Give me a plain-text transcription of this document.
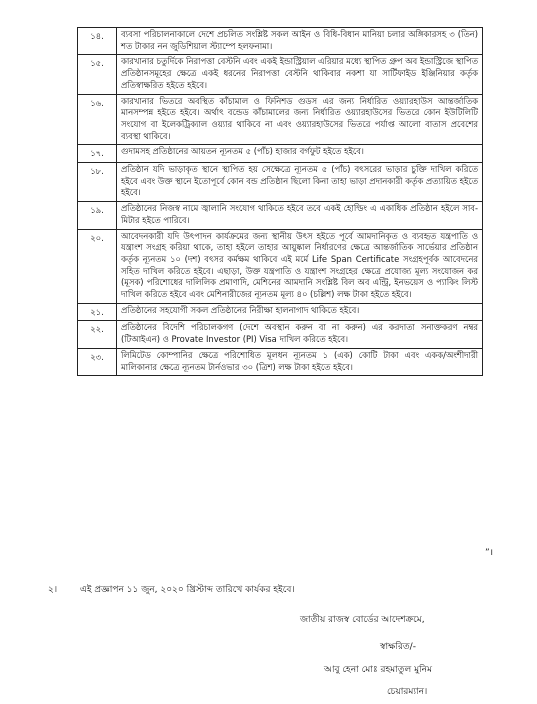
১৪.	ব্যবসা পরিচালনাকালে দেশে প্রচলিত সংশ্লিষ্ট সকল আইন ও বিধি-বিধান মানিয়া চলার অঙ্গিকারসহ ৩ (তিন) শত টাকার নন জুডিশিয়াল স্ট্যাম্পে হলফনামা।
১৫.	কারখানার চতুর্দিকে নিরাপত্তা বেস্টনি এবং একই ইন্ডাস্ট্রিয়াল এরিয়ার মধ্যে স্থাপিত গ্রুপ অব ইন্ডাস্ট্রিজে স্থাপিত প্রতিষ্ঠানসমূহের ক্ষেত্রে একই ধরনের নিরাপত্তা বেস্টনি থাকিবার নকশা যা সার্টিফাইড ইঞ্জিনিয়ার কর্তৃক প্রতিস্বাক্ষরিত হইতে হইবে।
১৬.	কারখানার ভিতরে অবস্থিত কাঁচামাল ও ফিনিশড গুডস এর জন্য নির্ধারিত ওয়্যারহাউস আন্তর্জাতিক মানসম্পন্ন হইতে হইবে। অর্থাৎ বন্ডেড কাঁচামালের জন্য নির্ধারিত ওয়্যারহাউসের ভিতরে কোন ইউটিলিটি সংযোগ বা ইলেকট্রিক্যাল ওয়্যার থাকিবে না এবং ওয়্যারহাউসের ভিতরে পর্যাপ্ত আলো বাতাস প্রবেশের ব্যবস্থা থাকিবে।
১৭.	গুদামসহ প্রতিষ্ঠানের আয়তন ন্যূনতম ৫ (পাঁচ) হাজার বর্গফুট হইতে হইবে।
১৮.	প্রতিষ্ঠান যদি ভাড়াকৃত স্থানে স্থাপিত হয় সেক্ষেত্রে ন্যূনতম ৫ (পাঁচ) বৎসরের ভাড়ার চুক্তি দাখিল করিতে হইবে এবং উক্ত স্থানে ইতোপূর্বে কোন বন্ড প্রতিষ্ঠান ছিলো কিনা তাহা ভাড়া প্রদানকারী কর্তৃক প্রত্যায়িত হইতে হইবে।
১৯.	প্রতিষ্ঠানের নিজস্ব নামে জ্বালানি সংযোগ থাকিতে হইবে তবে একই হোল্ডিং এ একাধিক প্রতিষ্ঠান হইলে সাব-মিটার হইতে পারিবে।
২০.	আবেদনকারী যদি উৎপাদন কার্যক্রমের জন্য স্থানীয় উৎস হইতে পূর্বে আমদানিকৃত ও ব্যবহৃত যন্ত্রপাতি ও যন্ত্রাংশ সংগ্রহ করিয়া থাকে, তাহা হইলে তাহার আয়ুষ্কাল নির্ধারণের ক্ষেত্রে আন্তর্জাতিক সার্ভেয়ার প্রতিষ্ঠান কর্তৃক ন্যূনতম ১০ (দশ) বৎসর কর্মক্ষম থাকিবে এই মর্মে Life Span Certificate সংগ্রহপূর্বক আবেদনের সহিত দাখিল করিতে হইবে। এছাড়া, উক্ত যন্ত্রপাতি ও যন্ত্রাংশ সংগ্রহের ক্ষেত্রে প্রযোজ্য মূল্য সংযোজন কর (মূসক) পরিশোধের দালিলিক প্রমাণাদি, মেশিনের আমদানি সংশ্লিষ্ট বিল অব এন্ট্রি, ইনভয়েস ও প্যাকিং লিস্ট দাখিল করিতে হইবে এবং মেশিনারীজের ন্যূনতম মূল্য ৪০ (চল্লিশ) লক্ষ টাকা হইতে হইবে।
২১.	প্রতিষ্ঠানের সহযোগী সকল প্রতিষ্ঠানের নিরীক্ষা হালনাগাদ থাকিতে হইবে।
২২.	প্রতিষ্ঠানের বিদেশি পরিচালকগণ (দেশে অবস্থান করুন বা না করুন) এর করদাতা সনাক্তকরণ নম্বর (টিআইএন) ও Provate Investor (PI) Visa দাখিল করিতে হইবে।
২৩.	লিমিটেড কোম্পানির ক্ষেত্রে পরিশোধিত মূলধন ন্যূনতম ১ (এক) কোটি টাকা এবং একক/অংশীদারী মালিকানার ক্ষেত্রে ন্যূনতম টার্নওভার ৩০ (ত্রিশ) লক্ষ টাকা হইতে হইবে।
”।
২।	এই প্রজ্ঞাপন ১১ জুন, ২০২০ খ্রিস্টাব্দ তারিখে কার্যকর হইবে।
জাতীয় রাজস্ব বোর্ডের আদেশক্রমে,
স্বাক্ষরিত/-
আবু হেনা মোঃ রহমাতুল মুনিম
চেয়ারম্যান।
